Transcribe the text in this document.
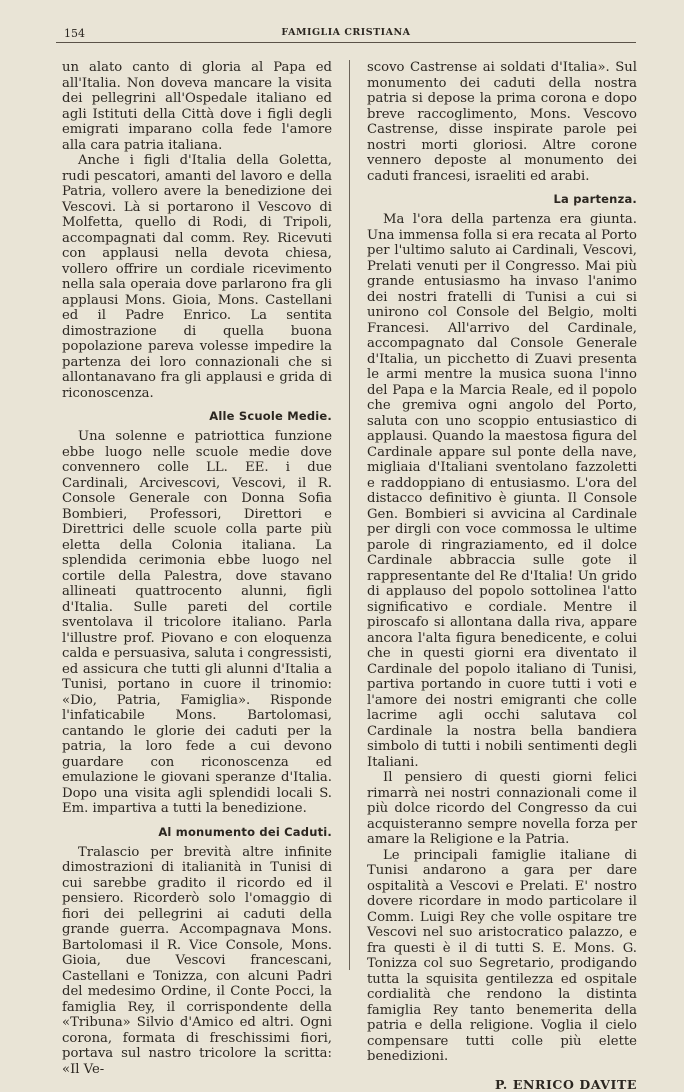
154	FAMIGLIA CRISTIANA

un alato canto di gloria al Papa ed all'Italia. Non doveva mancare la visita dei pellegrini all'Ospedale italiano ed agli Istituti della Città dove i figli degli emigrati imparano colla fede l'amore alla cara patria italiana.

Anche i figli d'Italia della Goletta, rudi pescatori, amanti del lavoro e della Patria, vollero avere la benedizione dei Vescovi. Là si portarono il Vescovo di Molfetta, quello di Rodi, di Tripoli, accompagnati dal comm. Rey. Ricevuti con applausi nella devota chiesa, vollero offrire un cordiale ricevimento nella sala operaia dove parlarono fra gli applausi Mons. Gioia, Mons. Castellani ed il Padre Enrico. La sentita dimostrazione di quella buona popolazione pareva volesse impedire la partenza dei loro connazionali che si allontanavano fra gli applausi e grida di riconoscenza.

Alle Scuole Medie.

Una solenne e patriottica funzione ebbe luogo nelle scuole medie dove convennero colle LL. EE. i due Cardinali, Arcivescovi, Vescovi, il R. Console Generale con Donna Sofia Bombieri, Professori, Direttori e Direttrici delle scuole colla parte più eletta della Colonia italiana. La splendida cerimonia ebbe luogo nel cortile della Palestra, dove stavano allineati quattrocento alunni, figli d'Italia. Sulle pareti del cortile sventolava il tricolore italiano. Parla l'illustre prof. Piovano e con eloquenza calda e persuasiva, saluta i congressisti, ed assicura che tutti gli alunni d'Italia a Tunisi, portano in cuore il trinomio: «Dio, Patria, Famiglia». Risponde l'infaticabile Mons. Bartolomasi, cantando le glorie dei caduti per la patria, la loro fede a cui devono guardare con riconoscenza ed emulazione le giovani speranze d'Italia. Dopo una visita agli splendidi locali S. Em. impartiva a tutti la benedizione.

Al monumento dei Caduti.

Tralascio per brevità altre infinite dimostrazioni di italianità in Tunisi di cui sarebbe gradito il ricordo ed il pensiero. Ricorderò solo l'omaggio di fiori dei pellegrini ai caduti della grande guerra. Accompagnava Mons. Bartolomasi il R. Vice Console, Mons. Gioia, due Vescovi francescani, Castellani e Tonizza, con alcuni Padri del medesimo Ordine, il Conte Pocci, la famiglia Rey, il corrispondente della «Tribuna» Silvio d'Amico ed altri. Ogni corona, formata di freschissimi fiori, portava sul nastro tricolore la scritta: «Il Ve-

scovo Castrense ai soldati d'Italia». Sul monumento dei caduti della nostra patria si depose la prima corona e dopo breve raccoglimento, Mons. Vescovo Castrense, disse inspirate parole pei nostri morti gloriosi. Altre corone vennero deposte al monumento dei caduti francesi, israeliti ed arabi.

La partenza.

Ma l'ora della partenza era giunta. Una immensa folla si era recata al Porto per l'ultimo saluto ai Cardinali, Vescovi, Prelati venuti per il Congresso. Mai più grande entusiasmo ha invaso l'animo dei nostri fratelli di Tunisi a cui si unirono col Console del Belgio, molti Francesi. All'arrivo del Cardinale, accompagnato dal Console Generale d'Italia, un picchetto di Zuavi presenta le armi mentre la musica suona l'inno del Papa e la Marcia Reale, ed il popolo che gremiva ogni angolo del Porto, saluta con uno scoppio entusiastico di applausi. Quando la maestosa figura del Cardinale appare sul ponte della nave, migliaia d'Italiani sventolano fazzoletti e raddoppiano di entusiasmo. L'ora del distacco definitivo è giunta. Il Console Gen. Bombieri si avvicina al Cardinale per dirgli con voce commossa le ultime parole di ringraziamento, ed il dolce Cardinale abbraccia sulle gote il rappresentante del Re d'Italia! Un grido di applauso del popolo sottolinea l'atto significativo e cordiale. Mentre il piroscafo si allontana dalla riva, appare ancora l'alta figura benedicente, e colui che in questi giorni era diventato il Cardinale del popolo italiano di Tunisi, partiva portando in cuore tutti i voti e l'amore dei nostri emigranti che colle lacrime agli occhi salutava col Cardinale la nostra bella bandiera simbolo di tutti i nobili sentimenti degli Italiani.

Il pensiero di questi giorni felici rimarrà nei nostri connazionali come il più dolce ricordo del Congresso da cui acquisteranno sempre novella forza per amare la Religione e la Patria.

Le principali famiglie italiane di Tunisi andarono a gara per dare ospitalità a Vescovi e Prelati. E' nostro dovere ricordare in modo particolare il Comm. Luigi Rey che volle ospitare tre Vescovi nel suo aristocratico palazzo, e fra questi è il di tutti S. E. Mons. G. Tonizza col suo Segretario, prodigando tutta la squisita gentilezza ed ospitale cordialità che rendono la distinta famiglia Rey tanto benemerita della patria e della religione. Voglia il cielo compensare tutti colle più elette benedizioni.

P. ENRICO DAVITE
